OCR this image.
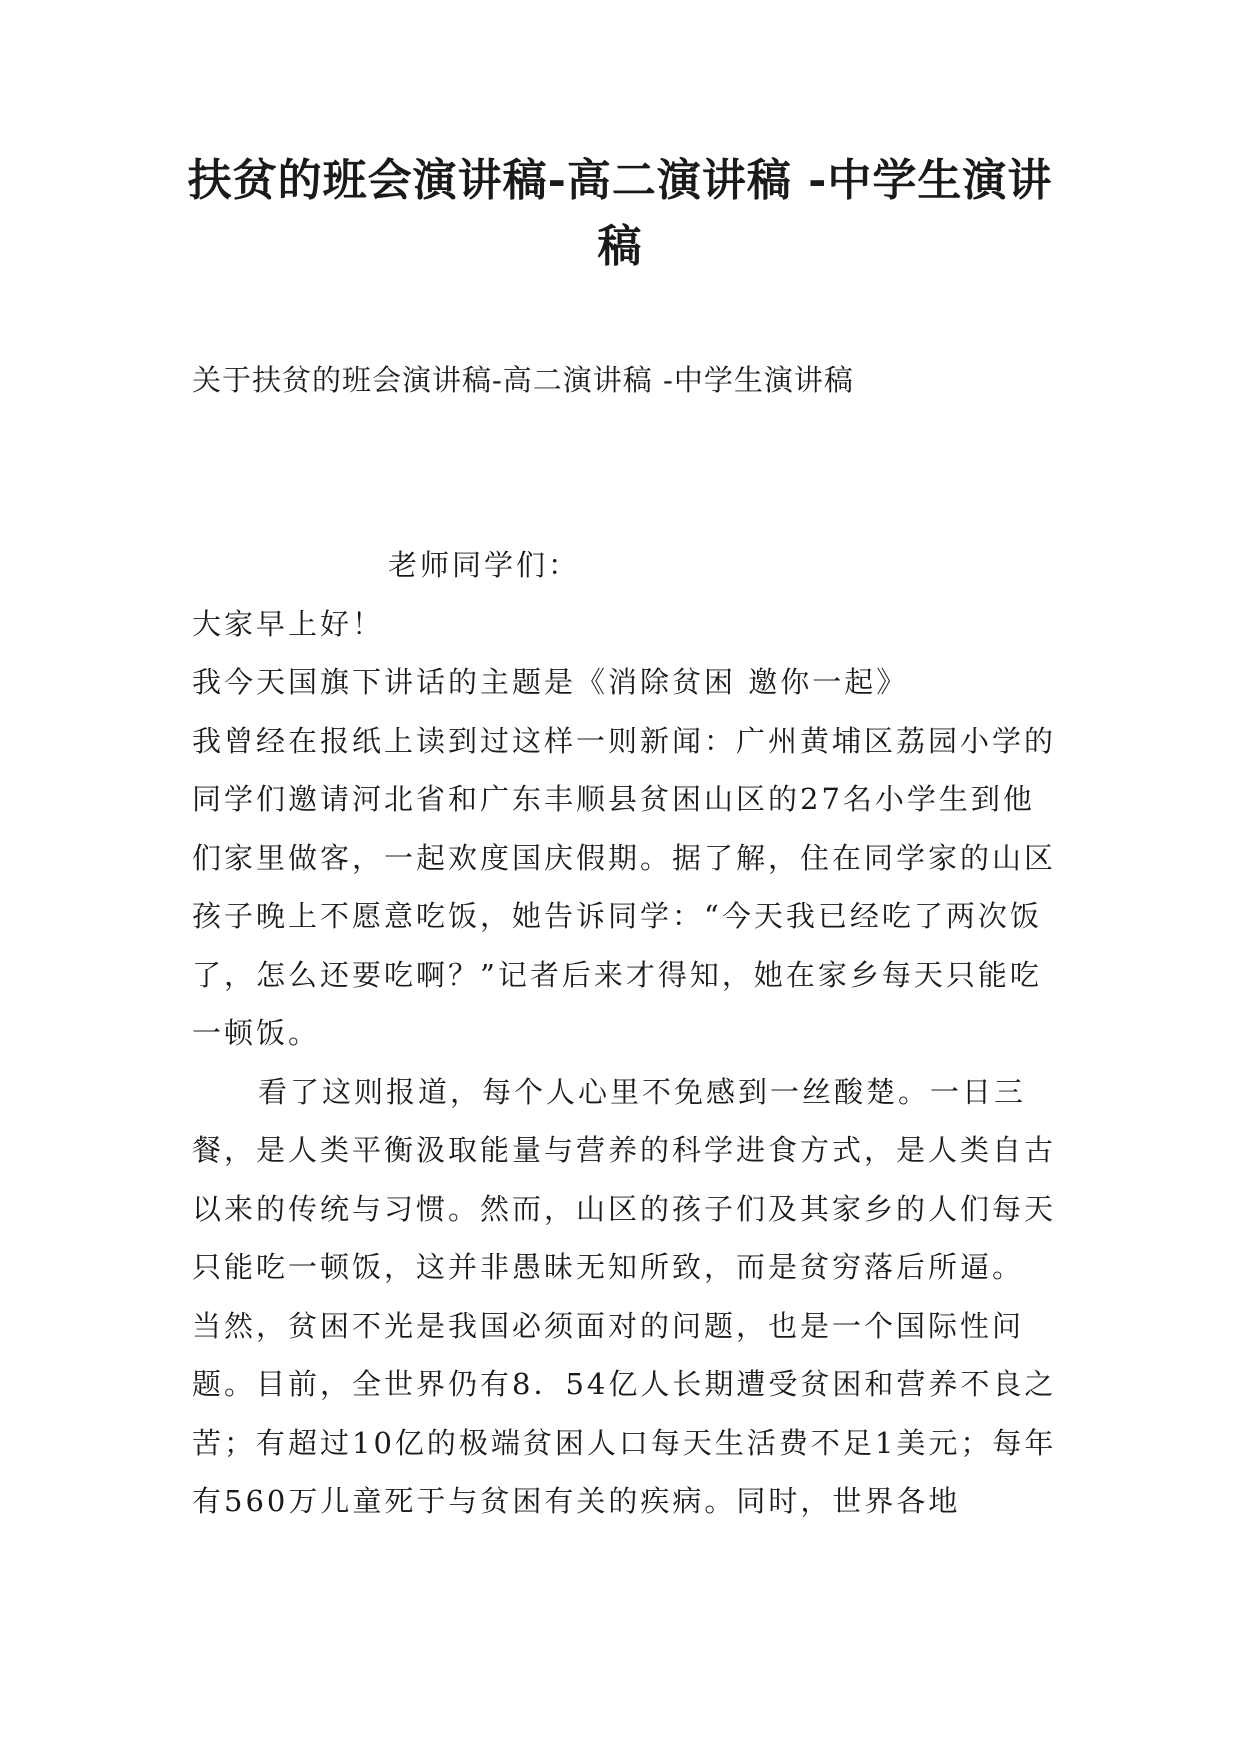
扶贫的班会演讲稿-高二演讲稿 -中学生演讲稿

关于扶贫的班会演讲稿-高二演讲稿 -中学生演讲稿

老师同学们：

大家早上好！

我今天国旗下讲话的主题是《消除贫困 邀你一起》

我曾经在报纸上读到过这样一则新闻：广州黄埔区荔园小学的同学们邀请河北省和广东丰顺县贫困山区的27名小学生到他们家里做客，一起欢度国庆假期。据了解，住在同学家的山区孩子晚上不愿意吃饭，她告诉同学：“今天我已经吃了两次饭了，怎么还要吃啊？”记者后来才得知，她在家乡每天只能吃一顿饭。

看了这则报道，每个人心里不免感到一丝酸楚。一日三餐，是人类平衡汲取能量与营养的科学进食方式，是人类自古以来的传统与习惯。然而，山区的孩子们及其家乡的人们每天只能吃一顿饭，这并非愚昧无知所致，而是贫穷落后所逼。

当然，贫困不光是我国必须面对的问题，也是一个国际性问题。目前，全世界仍有8．54亿人长期遭受贫困和营养不良之苦；有超过10亿的极端贫困人口每天生活费不足1美元；每年有560万儿童死于与贫困有关的疾病。同时，世界各地
